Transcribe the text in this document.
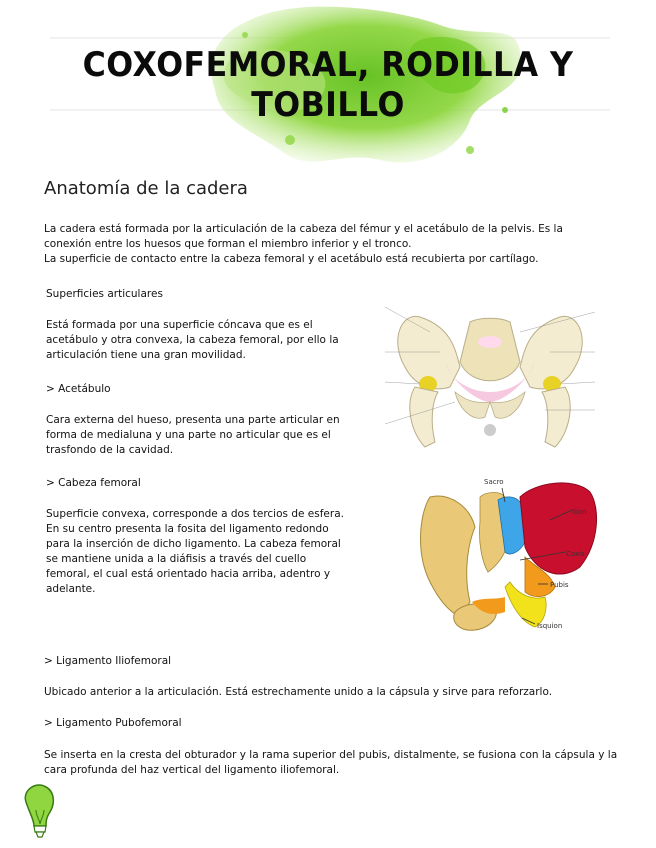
COXOFEMORAL, RODILLA Y TOBILLO
Anatomía de la cadera
La cadera está formada por la articulación de la cabeza del fémur y el acetábulo de la pelvis. Es la
conexión entre los huesos que forman el miembro inferior y el tronco.
La superficie de contacto entre la cabeza femoral y el acetábulo está recubierta por cartílago.
Superficies articulares
Está formada por una superficie cóncava que es el
acetábulo y otra convexa, la cabeza femoral, por ello la
articulación tiene una gran movilidad.
> Acetábulo
Cara externa del hueso, presenta una parte articular en
forma de medialuna y una parte no articular que es el
trasfondo de la cavidad.
> Cabeza femoral
Superficie convexa, corresponde a dos tercios de esfera.
En su centro presenta la fosita del ligamento redondo
para la inserción de dicho ligamento. La cabeza femoral
se mantiene unida a la diáfisis a través del cuello
femoral, el cual está orientado hacia arriba, adentro y
adelante.
Sacro
Ilion
Coxis
Pubis
Isquion
> Ligamento Iliofemoral
Ubicado anterior a la articulación. Está estrechamente unido a la cápsula y sirve para reforzarlo.
> Ligamento Pubofemoral
Se inserta en la cresta del obturador y la rama superior del pubis, distalmente, se fusiona con la cápsula y la
cara profunda del haz vertical del ligamento iliofemoral.
